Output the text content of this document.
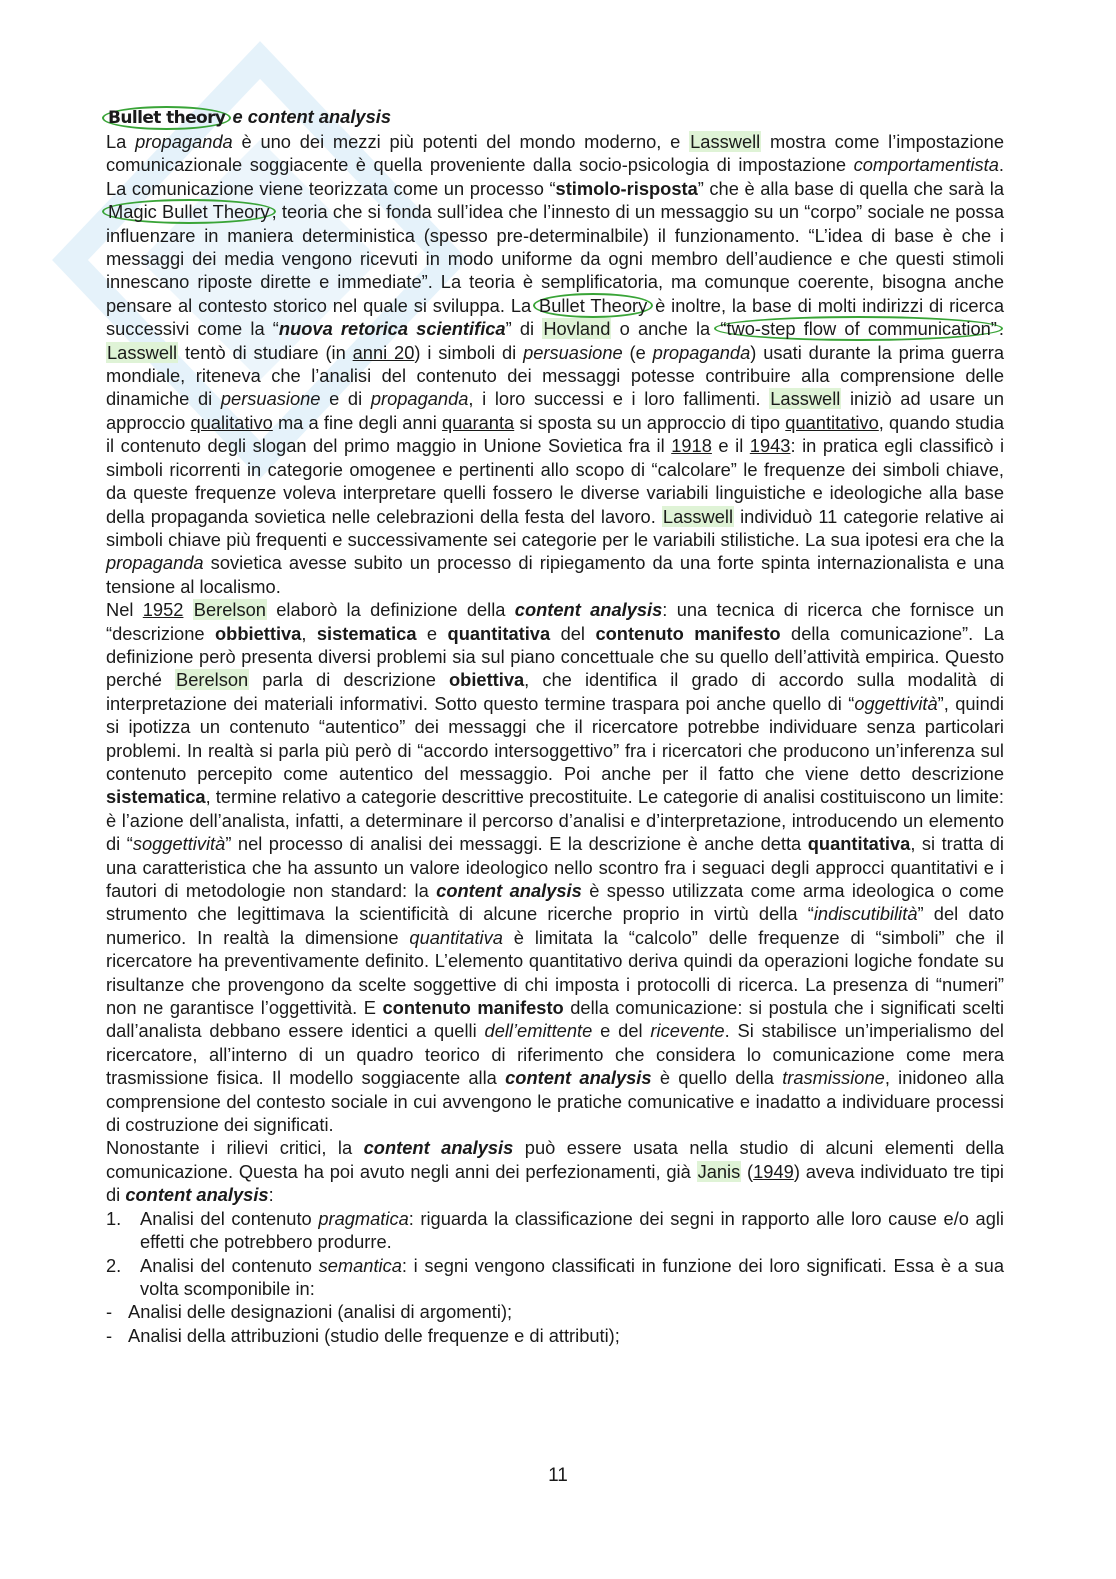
Bullet theory e content analysis

La propaganda è uno dei mezzi più potenti del mondo moderno, e Lasswell mostra come l’impostazione comunicazionale soggiacente è quella proveniente dalla socio-psicologia di impostazione comportamentista. La comunicazione viene teorizzata come un processo “stimolo-risposta” che è alla base di quella che sarà la Magic Bullet Theory , teoria che si fonda sull’idea che l’innesto di un messaggio su un “corpo” sociale ne possa influenzare in maniera deterministica (spesso pre-determinalbile) il funzionamento. “L’idea di base è che i messaggi dei media vengono ricevuti in modo uniforme da ogni membro dell’audience e che questi stimoli innescano riposte dirette e immediate”. La teoria è semplificatoria, ma comunque coerente, bisogna anche pensare al contesto storico nel quale si sviluppa. La Bullet Theory è inoltre, la base di molti indirizzi di ricerca successivi come la “nuova retorica scientifica” di Hovland o anche la “two-step flow of communication” . Lasswell tentò di studiare (in anni 20) i simboli di persuasione (e propaganda) usati durante la prima guerra mondiale, riteneva che l’analisi del contenuto dei messaggi potesse contribuire alla comprensione delle dinamiche di persuasione e di propaganda, i loro successi e i loro fallimenti. Lasswell iniziò ad usare un approccio qualitativo ma a fine degli anni quaranta si sposta su un approccio di tipo quantitativo, quando studia il contenuto degli slogan del primo maggio in Unione Sovietica fra il 1918 e il 1943: in pratica egli classificò i simboli ricorrenti in categorie omogenee e pertinenti allo scopo di “calcolare” le frequenze dei simboli chiave, da queste frequenze voleva interpretare quelli fossero le diverse variabili linguistiche e ideologiche alla base della propaganda sovietica nelle celebrazioni della festa del lavoro. Lasswell individuò 11 categorie relative ai simboli chiave più frequenti e successivamente sei categorie per le variabili stilistiche. La sua ipotesi era che la propaganda sovietica avesse subito un processo di ripiegamento da una forte spinta internazionalista e una tensione al localismo.

Nel 1952 Berelson elaborò la definizione della content analysis: una tecnica di ricerca che fornisce un “descrizione obbiettiva, sistematica e quantitativa del contenuto manifesto della comunicazione”. La definizione però presenta diversi problemi sia sul piano concettuale che su quello dell’attività empirica. Questo perché Berelson parla di descrizione obiettiva, che identifica il grado di accordo sulla modalità di interpretazione dei materiali informativi. Sotto questo termine traspara poi anche quello di “oggettività”, quindi si ipotizza un contenuto “autentico” dei messaggi che il ricercatore potrebbe individuare senza particolari problemi. In realtà si parla più però di “accordo intersoggettivo” fra i ricercatori che producono un’inferenza sul contenuto percepito come autentico del messaggio. Poi anche per il fatto che viene detto descrizione sistematica, termine relativo a categorie descrittive precostituite. Le categorie di analisi costituiscono un limite: è l’azione dell’analista, infatti, a determinare il percorso d’analisi e d’interpretazione, introducendo un elemento di “soggettività” nel processo di analisi dei messaggi. E la descrizione è anche detta quantitativa, si tratta di una caratteristica che ha assunto un valore ideologico nello scontro fra i seguaci degli approcci quantitativi e i fautori di metodologie non standard: la content analysis è spesso utilizzata come arma ideologica o come strumento che legittimava la scientificità di alcune ricerche proprio in virtù della “indiscutibilità” del dato numerico. In realtà la dimensione quantitativa è limitata la “calcolo” delle frequenze di “simboli” che il ricercatore ha preventivamente definito. L’elemento quantitativo deriva quindi da operazioni logiche fondate su risultanze che provengono da scelte soggettive di chi imposta i protocolli di ricerca. La presenza di “numeri” non ne garantisce l’oggettività. E contenuto manifesto della comunicazione: si postula che i significati scelti dall’analista debbano essere identici a quelli dell’emittente e del ricevente. Si stabilisce un’imperialismo del ricercatore, all’interno di un quadro teorico di riferimento che considera lo comunicazione come mera trasmissione fisica. Il modello soggiacente alla content analysis è quello della trasmissione, inidoneo alla comprensione del contesto sociale in cui avvengono le pratiche comunicative e inadatto a individuare processi di costruzione dei significati.

Nonostante i rilievi critici, la content analysis può essere usata nella studio di alcuni elementi della comunicazione. Questa ha poi avuto negli anni dei perfezionamenti, già Janis (1949) aveva individuato tre tipi di content analysis:

1. Analisi del contenuto pragmatica: riguarda la classificazione dei segni in rapporto alle loro cause e/o agli effetti che potrebbero produrre.
2. Analisi del contenuto semantica: i segni vengono classificati in funzione dei loro significati. Essa è a sua volta scomponibile in:
- Analisi delle designazioni (analisi di argomenti);
- Analisi della attribuzioni (studio delle frequenze e di attributi);
11
